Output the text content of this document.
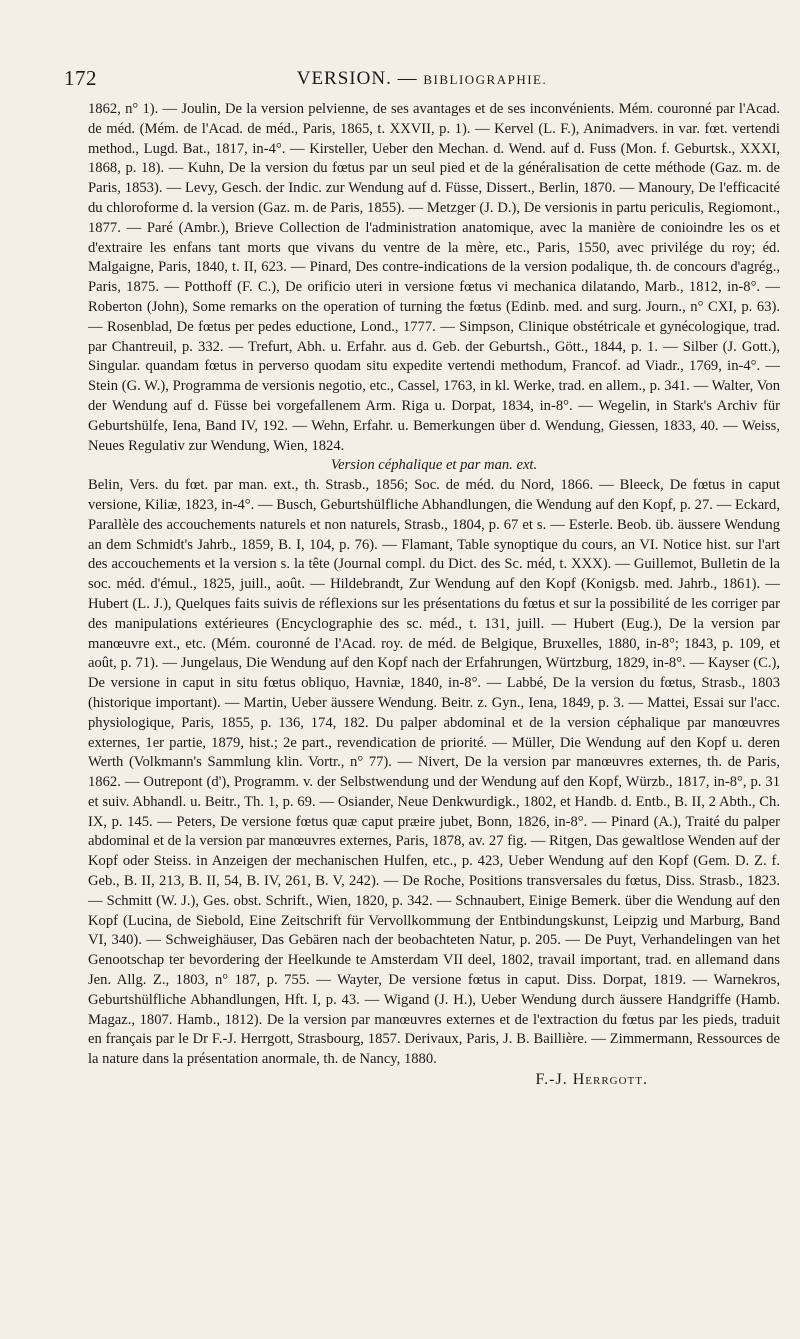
172	VERSION. — BIBLIOGRAPHIE.

1862, n° 1). — Joulin, De la version pelvienne, de ses avantages et de ses inconvénients. Mém. couronné par l'Acad. de méd. (Mém. de l'Acad. de méd., Paris, 1865, t. XXVII, p. 1). — Kervel (L. F.), Animadvers. in var. fœt. vertendi method., Lugd. Bat., 1817, in-4°. — Kirsteller, Ueber den Mechan. d. Wend. auf d. Fuss (Mon. f. Geburtsk., XXXI, 1868, p. 18). — Kuhn, De la version du fœtus par un seul pied et de la généralisation de cette méthode (Gaz. m. de Paris, 1853). — Levy, Gesch. der Indic. zur Wendung auf d. Füsse, Dissert., Berlin, 1870. — Manoury, De l'efficacité du chloroforme d. la version (Gaz. m. de Paris, 1855). — Metzger (J. D.), De versionis in partu periculis, Regiomont., 1877. — Paré (Ambr.), Brieve Collection de l'administration anatomique, avec la manière de conioindre les os et d'extraire les enfans tant morts que vivans du ventre de la mère, etc., Paris, 1550, avec privilége du roy; éd. Malgaigne, Paris, 1840, t. II, 623. — Pinard, Des contre-indications de la version podalique, th. de concours d'agrég., Paris, 1875. — Potthoff (F. C.), De orificio uteri in versione fœtus vi mechanica dilatando, Marb., 1812, in-8°. — Roberton (John), Some remarks on the operation of turning the fœtus (Edinb. med. and surg. Journ., n° CXI, p. 63). — Rosenblad, De fœtus per pedes eductione, Lond., 1777. — Simpson, Clinique obstétricale et gynécologique, trad. par Chantreuil, p. 332. — Trefurt, Abh. u. Erfahr. aus d. Geb. der Geburtsh., Gött., 1844, p. 1. — Silber (J. Gott.), Singular. quandam fœtus in perverso quodam situ expedite vertendi methodum, Francof. ad Viadr., 1769, in-4°. — Stein (G. W.), Programma de versionis negotio, etc., Cassel, 1763, in kl. Werke, trad. en allem., p. 341. — Walter, Von der Wendung auf d. Füsse bei vorgefallenem Arm. Riga u. Dorpat, 1834, in-8°. — Wegelin, in Stark's Archiv für Geburtshülfe, Iena, Band IV, 192. — Wehn, Erfahr. u. Bemerkungen über d. Wendung, Giessen, 1833, 40. — Weiss, Neues Regulativ zur Wendung, Wien, 1824.

Version céphalique et par man. ext.

Belin, Vers. du fœt. par man. ext., th. Strasb., 1856; Soc. de méd. du Nord, 1866. — Bleeck, De fœtus in caput versione, Kiliæ, 1823, in-4°. — Busch, Geburtshülfliche Abhandlungen, die Wendung auf den Kopf, p. 27. — Eckard, Parallèle des accouchements naturels et non naturels, Strasb., 1804, p. 67 et s. — Esterle. Beob. üb. äussere Wendung an dem Schmidt's Jahrb., 1859, B. I, 104, p. 76). — Flamant, Table synoptique du cours, an VI. Notice hist. sur l'art des accouchements et la version s. la tête (Journal compl. du Dict. des Sc. méd, t. XXX). — Guillemot, Bulletin de la soc. méd. d'émul., 1825, juill., août. — Hildebrandt, Zur Wendung auf den Kopf (Konigsb. med. Jahrb., 1861). — Hubert (L. J.), Quelques faits suivis de réflexions sur les présentations du fœtus et sur la possibilité de les corriger par des manipulations extérieures (Encyclographie des sc. méd., t. 131, juill. — Hubert (Eug.), De la version par manœuvre ext., etc. (Mém. couronné de l'Acad. roy. de méd. de Belgique, Bruxelles, 1880, in-8°; 1843, p. 109, et août, p. 71). — Jungelaus, Die Wendung auf den Kopf nach der Erfahrungen, Würtzburg, 1829, in-8°. — Kayser (C.), De versione in caput in situ fœtus obliquo, Havniæ, 1840, in-8°. — Labbé, De la version du fœtus, Strasb., 1803 (historique important). — Martin, Ueber äussere Wendung. Beitr. z. Gyn., Iena, 1849, p. 3. — Mattei, Essai sur l'acc. physiologique, Paris, 1855, p. 136, 174, 182. Du palper abdominal et de la version céphalique par manœuvres externes, 1er partie, 1879, hist.; 2e part., revendication de priorité. — Müller, Die Wendung auf den Kopf u. deren Werth (Volkmann's Sammlung klin. Vortr., n° 77). — Nivert, De la version par manœuvres externes, th. de Paris, 1862. — Outrepont (d'), Programm. v. der Selbstwendung und der Wendung auf den Kopf, Würzb., 1817, in-8°, p. 31 et suiv. Abhandl. u. Beitr., Th. 1, p. 69. — Osiander, Neue Denkwurdigk., 1802, et Handb. d. Entb., B. II, 2 Abth., Ch. IX, p. 145. — Peters, De versione fœtus quæ caput præire jubet, Bonn, 1826, in-8°. — Pinard (A.), Traité du palper abdominal et de la version par manœuvres externes, Paris, 1878, av. 27 fig. — Ritgen, Das gewaltlose Wenden auf der Kopf oder Steiss. in Anzeigen der mechanischen Hulfen, etc., p. 423, Ueber Wendung auf den Kopf (Gem. D. Z. f. Geb., B. II, 213, B. II, 54, B. IV, 261, B. V, 242). — De Roche, Positions transversales du fœtus, Diss. Strasb., 1823. — Schmitt (W. J.), Ges. obst. Schrift., Wien, 1820, p. 342. — Schnaubert, Einige Bemerk. über die Wendung auf den Kopf (Lucina, de Siebold, Eine Zeitschrift für Vervollkommung der Entbindungskunst, Leipzig und Marburg, Band VI, 340). — Schweighäuser, Das Gebären nach der beobachteten Natur, p. 205. — De Puyt, Verhandelingen van het Genootschap ter bevordering der Heelkunde te Amsterdam VII deel, 1802, travail important, trad. en allemand dans Jen. Allg. Z., 1803, n° 187, p. 755. — Wayter, De versione fœtus in caput. Diss. Dorpat, 1819. — Warnekros, Geburtshülfliche Abhandlungen, Hft. I, p. 43. — Wigand (J. H.), Ueber Wendung durch äussere Handgriffe (Hamb. Magaz., 1807. Hamb., 1812). De la version par manœuvres externes et de l'extraction du fœtus par les pieds, traduit en français par le Dr F.-J. Herrgott, Strasbourg, 1857. Derivaux, Paris, J. B. Baillière. — Zimmermann, Ressources de la nature dans la présentation anormale, th. de Nancy, 1880.

F.-J. Herrgott.
